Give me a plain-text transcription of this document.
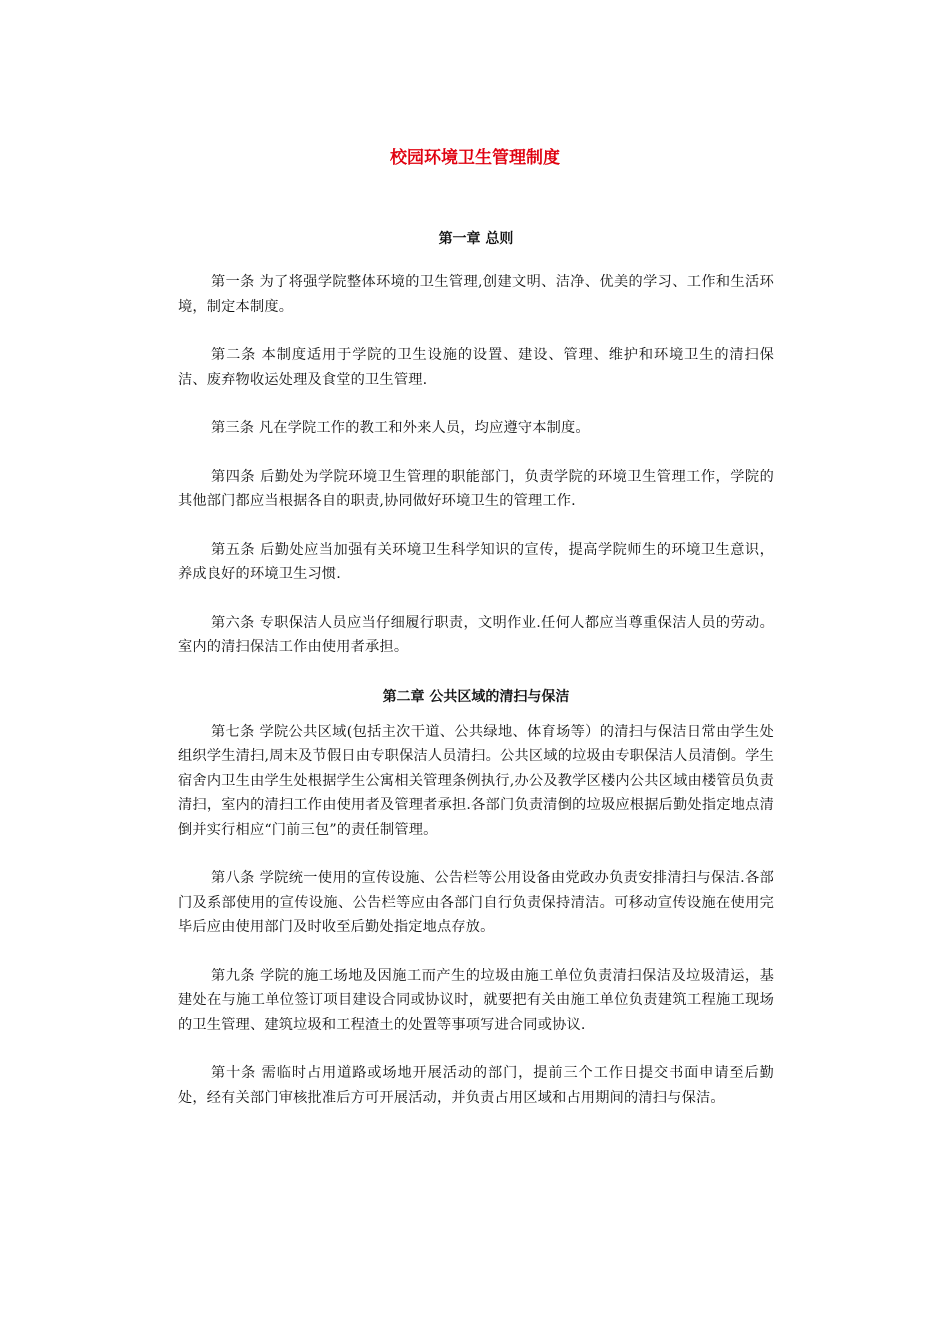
校园环境卫生管理制度

第一章 总则

第一条 为了将强学院整体环境的卫生管理,创建文明、洁净、优美的学习、工作和生活环境，制定本制度。

第二条 本制度适用于学院的卫生设施的设置、建设、管理、维护和环境卫生的清扫保洁、废弃物收运处理及食堂的卫生管理.

第三条 凡在学院工作的教工和外来人员，均应遵守本制度。

第四条 后勤处为学院环境卫生管理的职能部门，负责学院的环境卫生管理工作，学院的其他部门都应当根据各自的职责,协同做好环境卫生的管理工作.

第五条 后勤处应当加强有关环境卫生科学知识的宣传，提高学院师生的环境卫生意识，养成良好的环境卫生习惯.

第六条 专职保洁人员应当仔细履行职责，文明作业.任何人都应当尊重保洁人员的劳动。室内的清扫保洁工作由使用者承担。

第二章 公共区域的清扫与保洁

第七条 学院公共区域(包括主次干道、公共绿地、体育场等）的清扫与保洁日常由学生处组织学生清扫,周末及节假日由专职保洁人员清扫。公共区域的垃圾由专职保洁人员清倒。学生宿舍内卫生由学生处根据学生公寓相关管理条例执行,办公及教学区楼内公共区域由楼管员负责清扫，室内的清扫工作由使用者及管理者承担.各部门负责清倒的垃圾应根据后勤处指定地点清倒并实行相应“门前三包”的责任制管理。

第八条 学院统一使用的宣传设施、公告栏等公用设备由党政办负责安排清扫与保洁.各部门及系部使用的宣传设施、公告栏等应由各部门自行负责保持清洁。可移动宣传设施在使用完毕后应由使用部门及时收至后勤处指定地点存放。

第九条 学院的施工场地及因施工而产生的垃圾由施工单位负责清扫保洁及垃圾清运，基建处在与施工单位签订项目建设合同或协议时，就要把有关由施工单位负责建筑工程施工现场的卫生管理、建筑垃圾和工程渣土的处置等事项写进合同或协议.

第十条 需临时占用道路或场地开展活动的部门，提前三个工作日提交书面申请至后勤处，经有关部门审核批准后方可开展活动，并负责占用区域和占用期间的清扫与保洁。
